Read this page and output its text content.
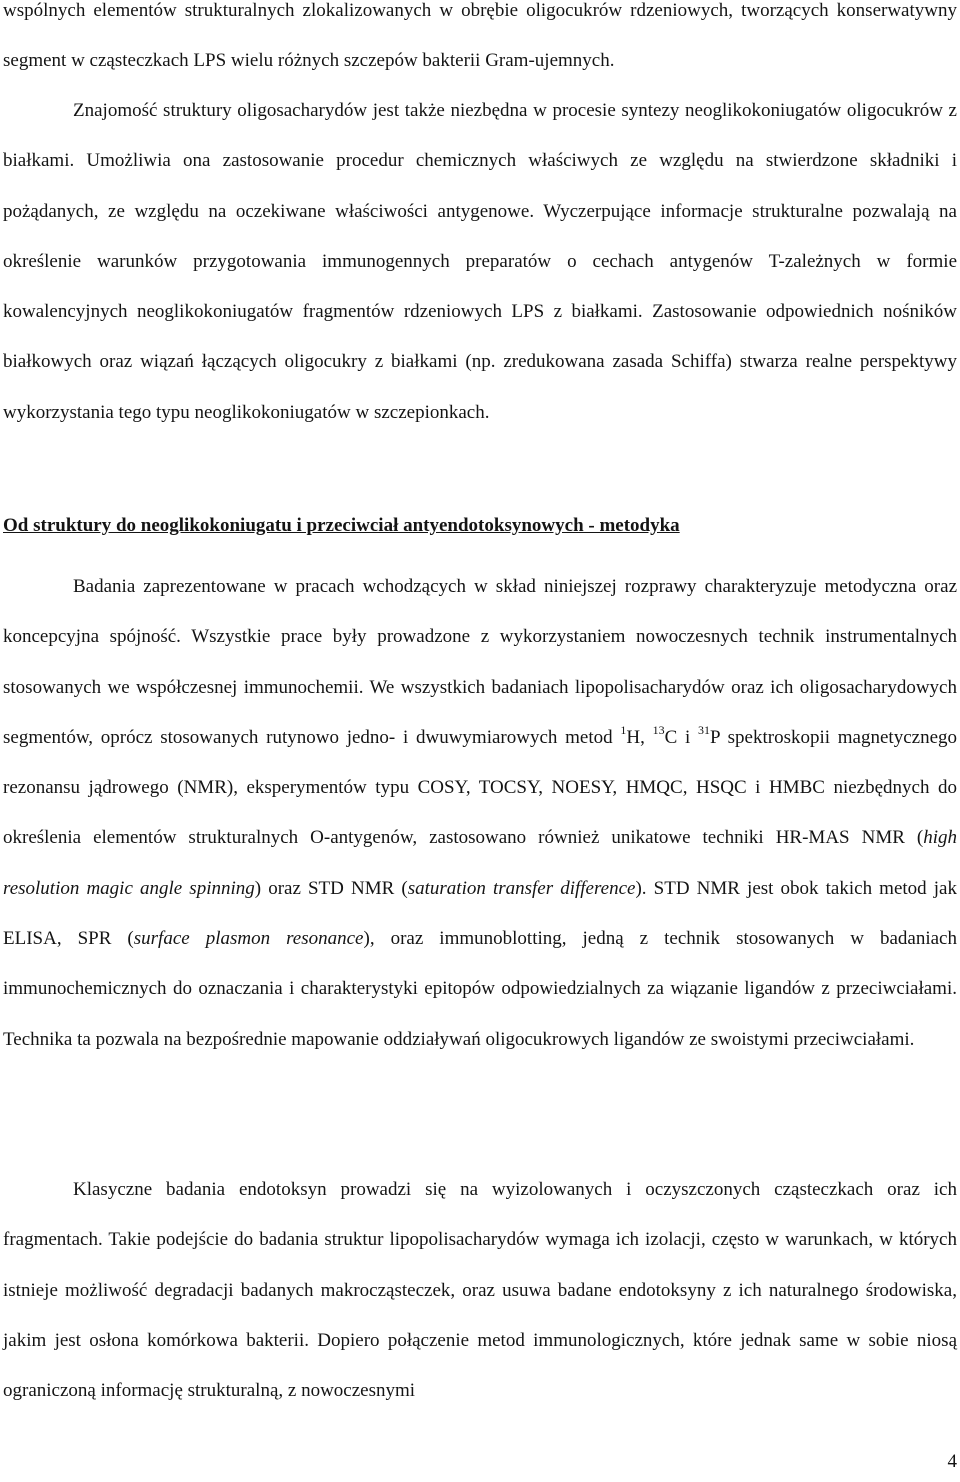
wspólnych elementów strukturalnych zlokalizowanych w obrębie oligocukrów rdzeniowych, tworzących konserwatywny segment w cząsteczkach LPS wielu różnych szczepów bakterii Gram-ujemnych.

Znajomość struktury oligosacharydów jest także niezbędna w procesie syntezy neoglikokoniugatów oligocukrów z białkami. Umożliwia ona zastosowanie procedur chemicznych właściwych ze względu na stwierdzone składniki i pożądanych, ze względu na oczekiwane właściwości antygenowe. Wyczerpujące informacje strukturalne pozwalają na określenie warunków przygotowania immunogennych preparatów o cechach antygenów T-zależnych w formie kowalencyjnych neoglikokoniugatów fragmentów rdzeniowych LPS z białkami. Zastosowanie odpowiednich nośników białkowych oraz wiązań łączących oligocukry z białkami (np. zredukowana zasada Schiffa) stwarza realne perspektywy wykorzystania tego typu neoglikokoniugatów w szczepionkach.

Od struktury do neoglikokoniugatu i przeciwciał antyendotoksynowych - metodyka

Badania zaprezentowane w pracach wchodzących w skład niniejszej rozprawy charakteryzuje metodyczna oraz koncepcyjna spójność. Wszystkie prace były prowadzone z wykorzystaniem nowoczesnych technik instrumentalnych stosowanych we współczesnej immunochemii. We wszystkich badaniach lipopolisacharydów oraz ich oligosacharydowych segmentów, oprócz stosowanych rutynowo jedno- i dwuwymiarowych metod $^1$H, $^{13}$C i $^{31}$P spektroskopii magnetycznego rezonansu jądrowego (NMR), eksperymentów typu COSY, TOCSY, NOESY, HMQC, HSQC i HMBC niezbędnych do określenia elementów strukturalnych O-antygenów, zastosowano również unikatowe techniki HR-MAS NMR (high resolution magic angle spinning) oraz STD NMR (saturation transfer difference). STD NMR jest obok takich metod jak ELISA, SPR (surface plasmon resonance), oraz immunoblotting, jedną z technik stosowanych w badaniach immunochemicznych do oznaczania i charakterystyki epitopów odpowiedzialnych za wiązanie ligandów z przeciwciałami. Technika ta pozwala na bezpośrednie mapowanie oddziaływań oligocukrowych ligandów ze swoistymi przeciwciałami.

Klasyczne badania endotoksyn prowadzi się na wyizolowanych i oczyszczonych cząsteczkach oraz ich fragmentach. Takie podejście do badania struktur lipopolisacharydów wymaga ich izolacji, często w warunkach, w których istnieje możliwość degradacji badanych makrocząsteczek, oraz usuwa badane endotoksyny z ich naturalnego środowiska, jakim jest osłona komórkowa bakterii. Dopiero połączenie metod immunologicznych, które jednak same w sobie niosą ograniczoną informację strukturalną, z nowoczesnymi

4
